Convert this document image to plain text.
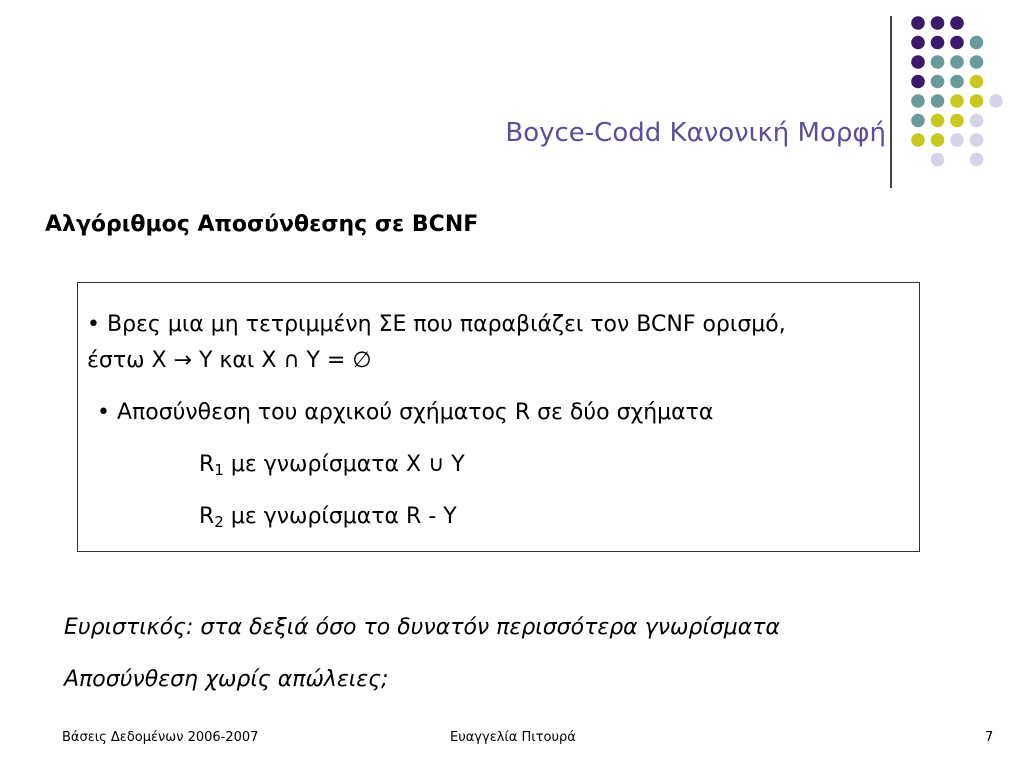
Boyce-Codd Κανονική Μορφή
Αλγόριθμος Αποσύνθεσης σε BCNF
• Βρες μια μη τετριμμένη ΣΕ που παραβιάζει τον BCNF ορισμό,
έστω X → Y και X ∩ Y = ∅
• Αποσύνθεση του αρχικού σχήματος R σε δύο σχήματα
$R_1$ με γνωρίσματα X ∪ Y
$R_2$ με γνωρίσματα R - Y
Ευριστικός: στα δεξιά όσο το δυνατόν περισσότερα γνωρίσματα
Αποσύνθεση χωρίς απώλειες;
Βάσεις Δεδομένων 2006-2007	Ευαγγελία Πιτουρά	7
